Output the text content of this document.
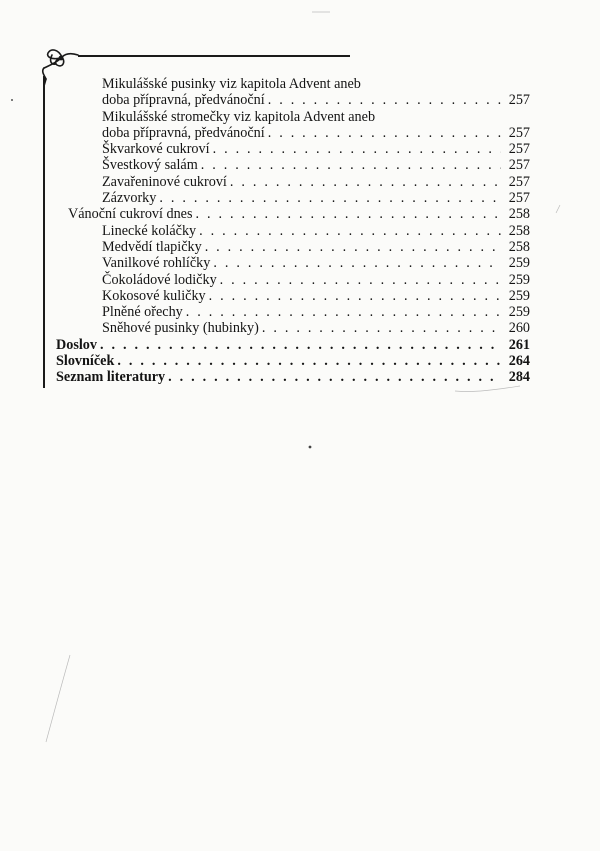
Mikulášské pusinky viz kapitola Advent aneb
doba přípravná, předvánoční . . .	257
Mikulášské stromečky viz kapitola Advent aneb
doba přípravná, předvánoční . . .	257
Škvarkové cukroví . . .	257
Švestkový salám . . .	257
Zavařeninové cukroví . . .	257
Zázvorky . . .	257
Vánoční cukroví dnes . . .	258
Linecké koláčky . . .	258
Medvědí tlapičky . . .	258
Vanilkové rohlíčky . . .	259
Čokoládové lodičky . . .	259
Kokosové kuličky . . .	259
Plněné ořechy . . .	259
Sněhové pusinky (hubinky) . . .	260
Doslov . . .	261
Slovníček . . .	264
Seznam literatury . . .	284
